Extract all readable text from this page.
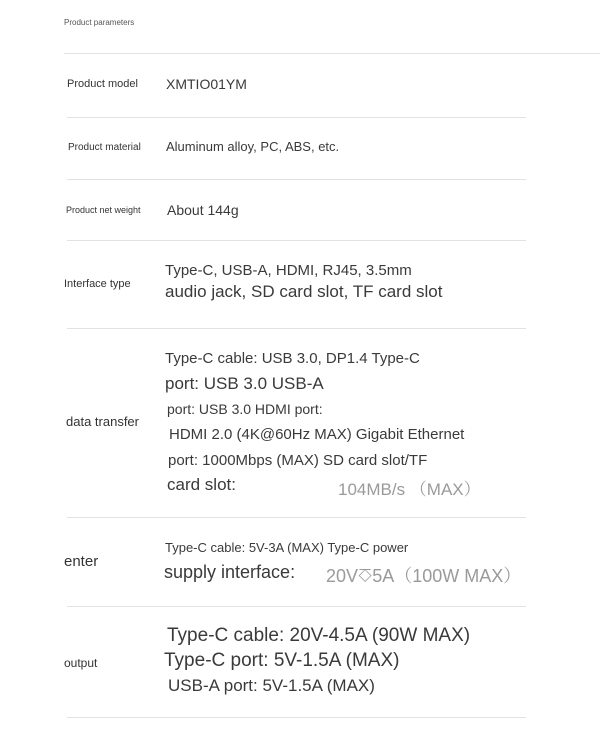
Product parameters
Product model XMTIO01YM
Product material Aluminum alloy, PC, ABS, etc.
Product net weight About 144g
Interface type
Type-C, USB-A, HDMI, RJ45, 3.5mm
audio jack, SD card slot, TF card slot
data transfer
Type-C cable: USB 3.0, DP1.4 Type-C
port: USB 3.0 USB-A
port: USB 3.0 HDMI port:
HDMI 2.0 (4K@60Hz MAX) Gigabit Ethernet
port: 1000Mbps (MAX) SD card slot/TF
card slot:	104MB/s （MAX）
enter
Type-C cable: 5V-3A (MAX) Type-C power
supply interface: 20V⎏5A（100W MAX）
output
Type-C cable: 20V-4.5A (90W MAX)
Type-C port: 5V-1.5A (MAX)
USB-A port: 5V-1.5A (MAX)
